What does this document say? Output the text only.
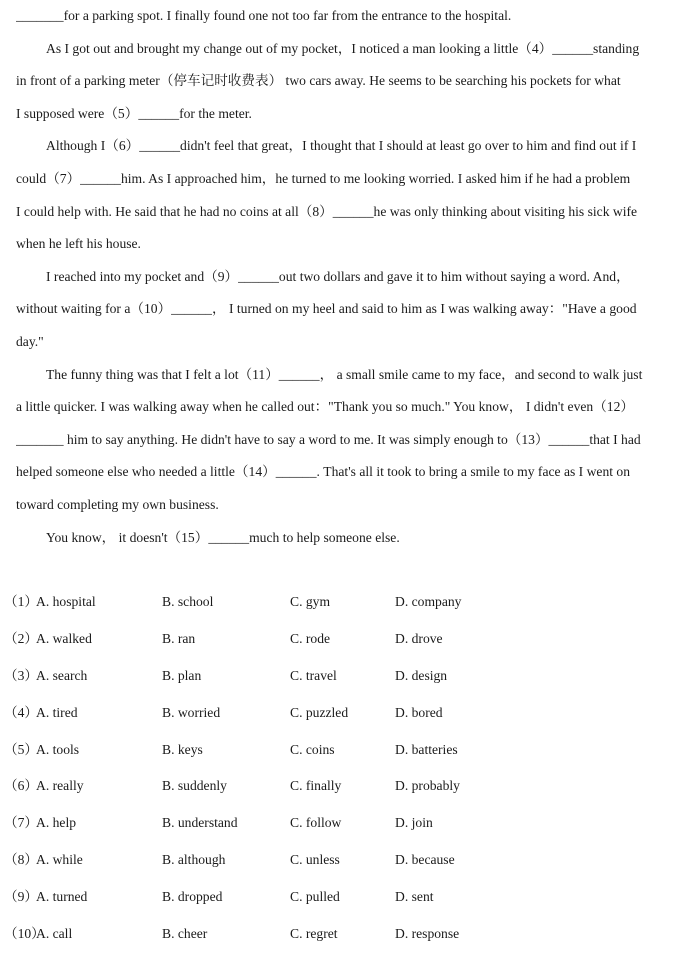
_______for a parking spot. I finally found one not too far from the entrance to the hospital.
As I got out and brought my change out of my pocket，I noticed a man looking a little（4）______standing
in front of a parking meter（停车记时收费表） two cars away. He seems to be searching his pockets for what
I supposed were（5）______for the meter.
Although I（6）______didn't feel that great，I thought that I should at least go over to him and find out if I
could（7）______him. As I approached him，he turned to me looking worried. I asked him if he had a problem
I could help with. He said that he had no coins at all（8）______he was only thinking about visiting his sick wife
when he left his house.
I reached into my pocket and（9）______out two dollars and gave it to him without saying a word. And，
without waiting for a（10）______， I turned on my heel and said to him as I was walking away："Have a good
day."
The funny thing was that I felt a lot（11）______， a small smile came to my face，and second to walk just
a little quicker. I was walking away when he called out："Thank you so much." You know， I didn't even（12）
_______ him to say anything. He didn't have to say a word to me. It was simply enough to（13）______that I had
helped someone else who needed a little（14）______. That's all it took to bring a smile to my face as I went on
toward completing my own business.
You know， it doesn't（15）______much to help someone else.
（1）
A. hospital	B. school	C. gym	D. company
（2）
A. walked	B. ran	C. rode	D. drove
（3）
A. search	B. plan	C. travel	D. design
（4）
A. tired	B. worried	C. puzzled	D. bored
（5）
A. tools	B. keys	C. coins	D. batteries
（6）
A. really	B. suddenly	C. finally	D. probably
（7）
A. help	B. understand	C. follow	D. join
（8）
A. while	B. although	C. unless	D. because
（9）
A. turned	B. dropped	C. pulled	D. sent
（10）
A. call	B. cheer	C. regret	D. response
